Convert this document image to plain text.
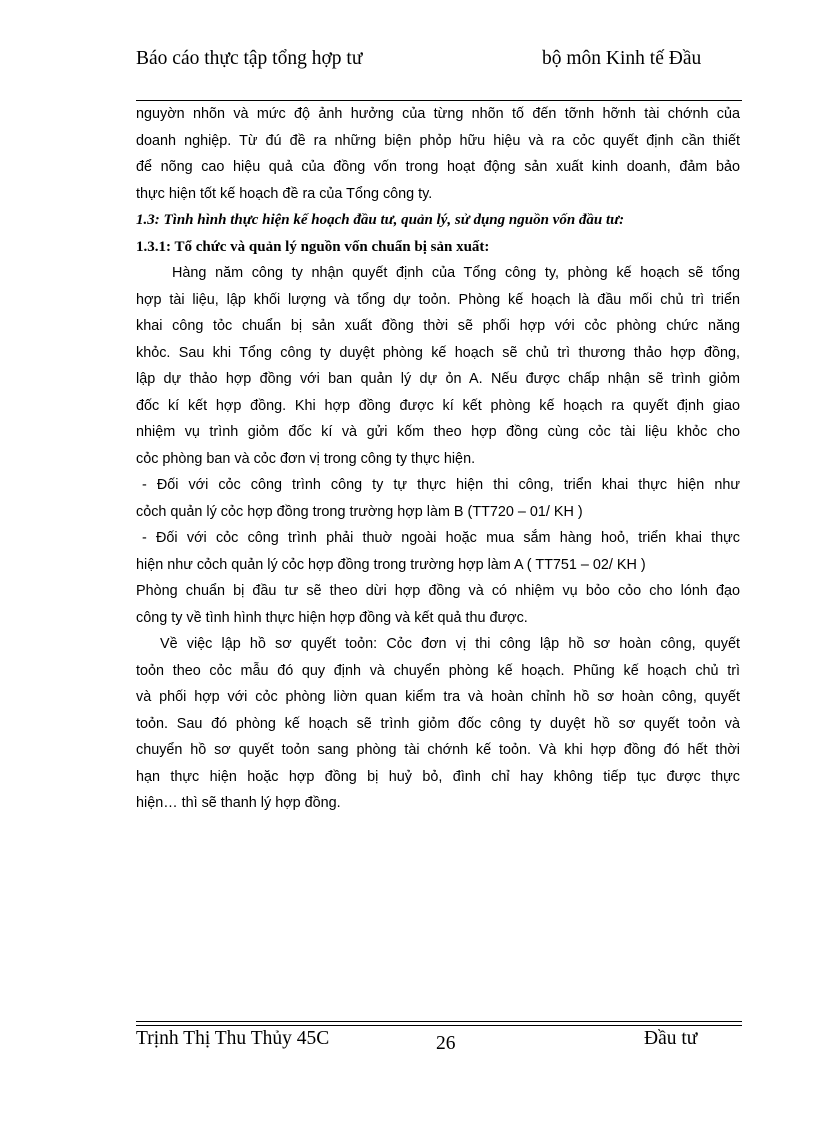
Báo cáo thực tập tổng hợp tư	bộ môn Kinh tế Đầu
nguyờn nhõn và mức độ ảnh hưởng của từng nhõn tố đến tỡnh hỡnh tài chớnh của
doanh nghiệp. Từ đú đề ra những biện phỏp hữu hiệu và ra cỏc quyết định cần thiết
để nõng cao hiệu quả của đồng vốn trong hoạt động sản xuất kinh doanh, đảm bảo
thực hiện tốt kế hoạch đề ra của Tổng công ty.
1.3: Tình hình thực hiện kế hoạch đầu tư, quản lý, sử dụng nguồn vốn đầu tư:
1.3.1: Tổ chức và quản lý nguồn vốn chuẩn bị sản xuất:
Hàng năm công ty nhận quyết định của Tổng công ty, phòng kế hoạch sẽ tổng
hợp tài liệu, lập khối lượng và tổng dự toỏn. Phòng kế hoạch là đầu mối chủ trì triển
khai công tỏc chuẩn bị sản xuất đồng thời sẽ phối hợp với cỏc phòng chức năng
khỏc. Sau khi Tổng công ty duyệt phòng kế hoạch sẽ chủ trì thương thảo hợp đồng,
lập dự thảo hợp đồng với ban quản lý dự ỏn A. Nếu được chấp nhận sẽ trình giỏm
đốc kí kết hợp đồng. Khi hợp đồng được kí kết phòng kế hoạch ra quyết định giao
nhiệm vụ trình giỏm đốc kí và gửi kốm theo hợp đồng cùng cỏc tài liệu khỏc cho
cỏc phòng ban và cỏc đơn vị trong công ty thực hiện.
- Đối với cỏc công trình công ty tự thực hiện thi công, triển khai thực hiện như
cỏch quản lý cỏc hợp đồng trong trường hợp làm B (TT720 – 01/ KH )
- Đối với cỏc công trình phải thuờ ngoài hoặc mua sắm hàng hoỏ, triển khai thực
hiện như cỏch quản lý cỏc hợp đồng trong trường hợp làm A ( TT751 – 02/ KH )
Phòng chuẩn bị đầu tư sẽ theo dừi hợp đồng và có nhiệm vụ bỏo cỏo cho lónh đạo
công ty về tình hình thực hiện hợp đồng và kết quả thu được.
Về việc lập hồ sơ quyết toỏn: Cỏc đơn vị thi công lập hồ sơ hoàn công, quyết
toỏn theo cỏc mẫu đó quy định và chuyển phòng kế hoạch. Phũng kế hoạch chủ trì
và phối hợp với cỏc phòng liờn quan kiểm tra và hoàn chỉnh hồ sơ hoàn công, quyết
toỏn. Sau đó phòng kế hoạch sẽ trình giỏm đốc công ty duyệt hồ sơ quyết toỏn và
chuyển hồ sơ quyết toỏn sang phòng tài chớnh kế toỏn. Và khi hợp đồng đó hết thời
hạn thực hiện hoặc hợp đồng bị huỷ bỏ, đình chỉ hay không tiếp tục được thực
hiện… thì sẽ thanh lý hợp đồng.
Trịnh Thị Thu Thủy 45C	26	Đầu tư
